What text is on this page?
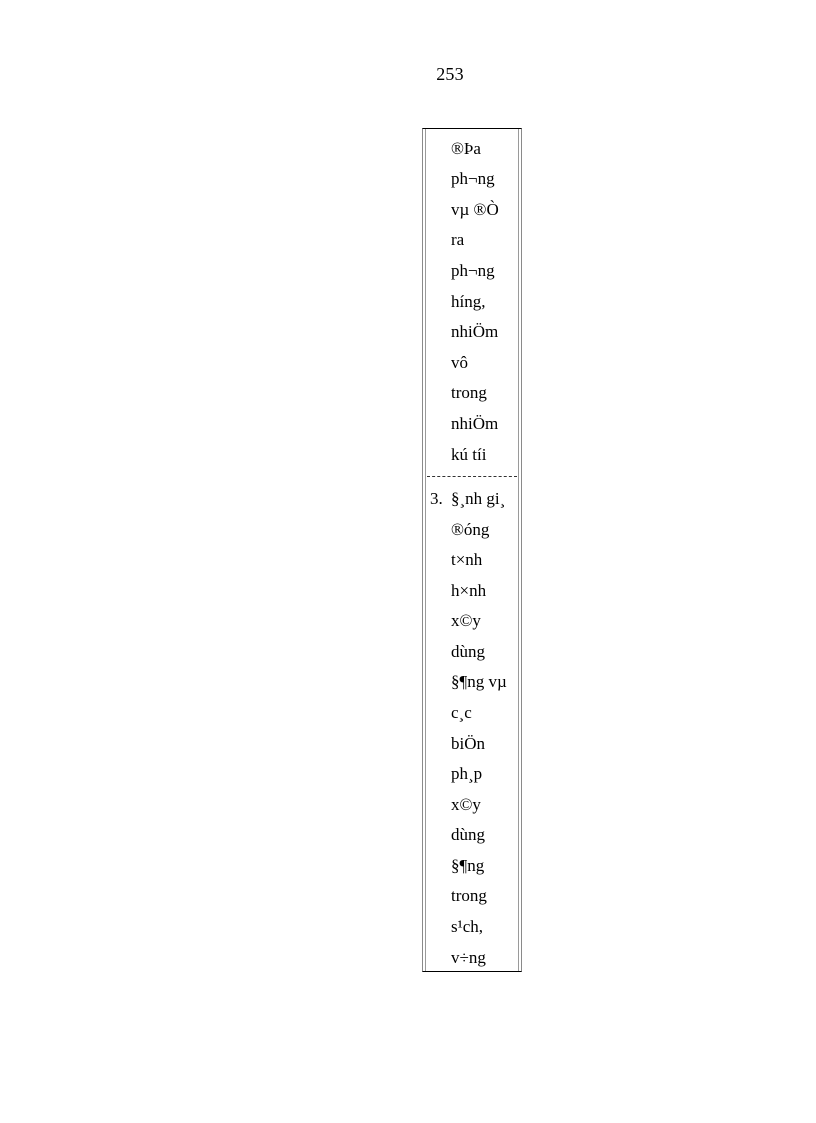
253
®Þa
ph¬ng
vµ ®Ò
ra
ph¬ng
híng,
nhiÖm
vô
trong
nhiÖm
kú tíi
3. §¸nh gi¸
®óng
t×nh
h×nh
x©y
dùng
§¶ng vµ
c¸c
biÖn
ph¸p
x©y
dùng
§¶ng
trong
s¹ch,
v÷ng
